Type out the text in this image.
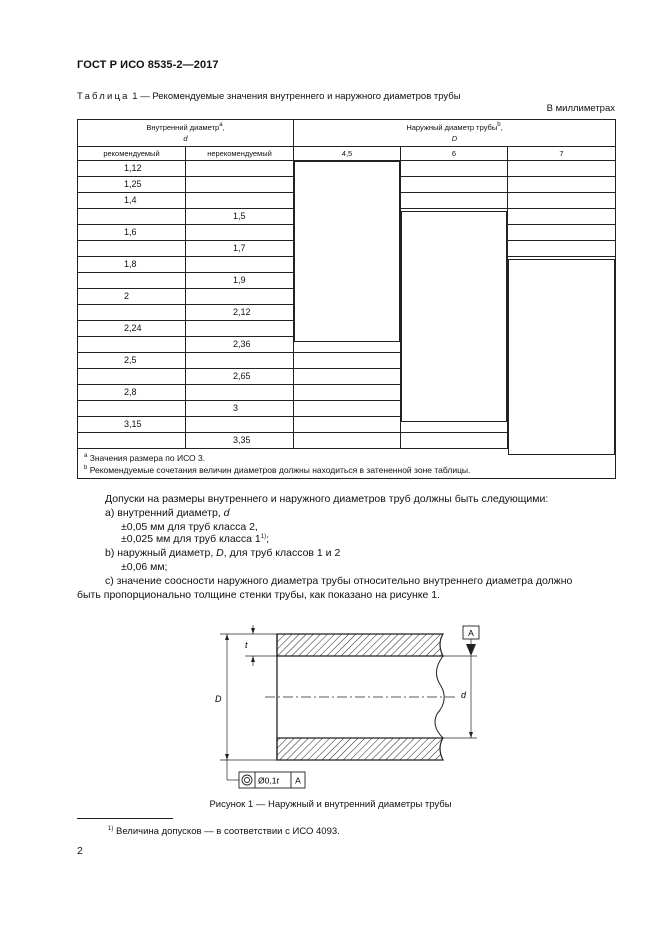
ГОСТ Р ИСО 8535-2—2017
Таблица 1 — Рекомендуемые значения внутреннего и наружного диаметров трубы
В миллиметрах
Внутренний диаметр$^a$,
d		Наружный диаметр трубы$^b$,
D		
рекомендуемый	нерекомендуемый	4,5	6	7
1,12				
1,25				
1,4				
	1,5			
1,6				
	1,7			
1,8				
	1,9			
2				
	2,12			
2,24				
	2,36			
2,5				
	2,65			
2,8				
	3			
3,15				
	3,35			

$^a$ Значения размера по ИСО 3.
$^b$ Рекомендуемые сочетания величин диаметров должны находиться в затененной зоне таблицы.				
Допуски на размеры внутреннего и наружного диаметров труб должны быть следующими:
a) внутренний диаметр, d
±0,05 мм для труб класса 2,
±0,025 мм для труб класса 1$^{1)}$;
b) наружный диаметр, D, для труб классов 1 и 2
±0,06 мм;
c) значение соосности наружного диаметра трубы относительно внутреннего диаметра должно
быть пропорционально толщине стенки трубы, как показано на рисунке 1.
t
D
A
d
Ø0,1t A
Рисунок 1 — Наружный и внутренний диаметры трубы
$^{1)}$ Величина допусков — в соответствии с ИСО 4093.
2
